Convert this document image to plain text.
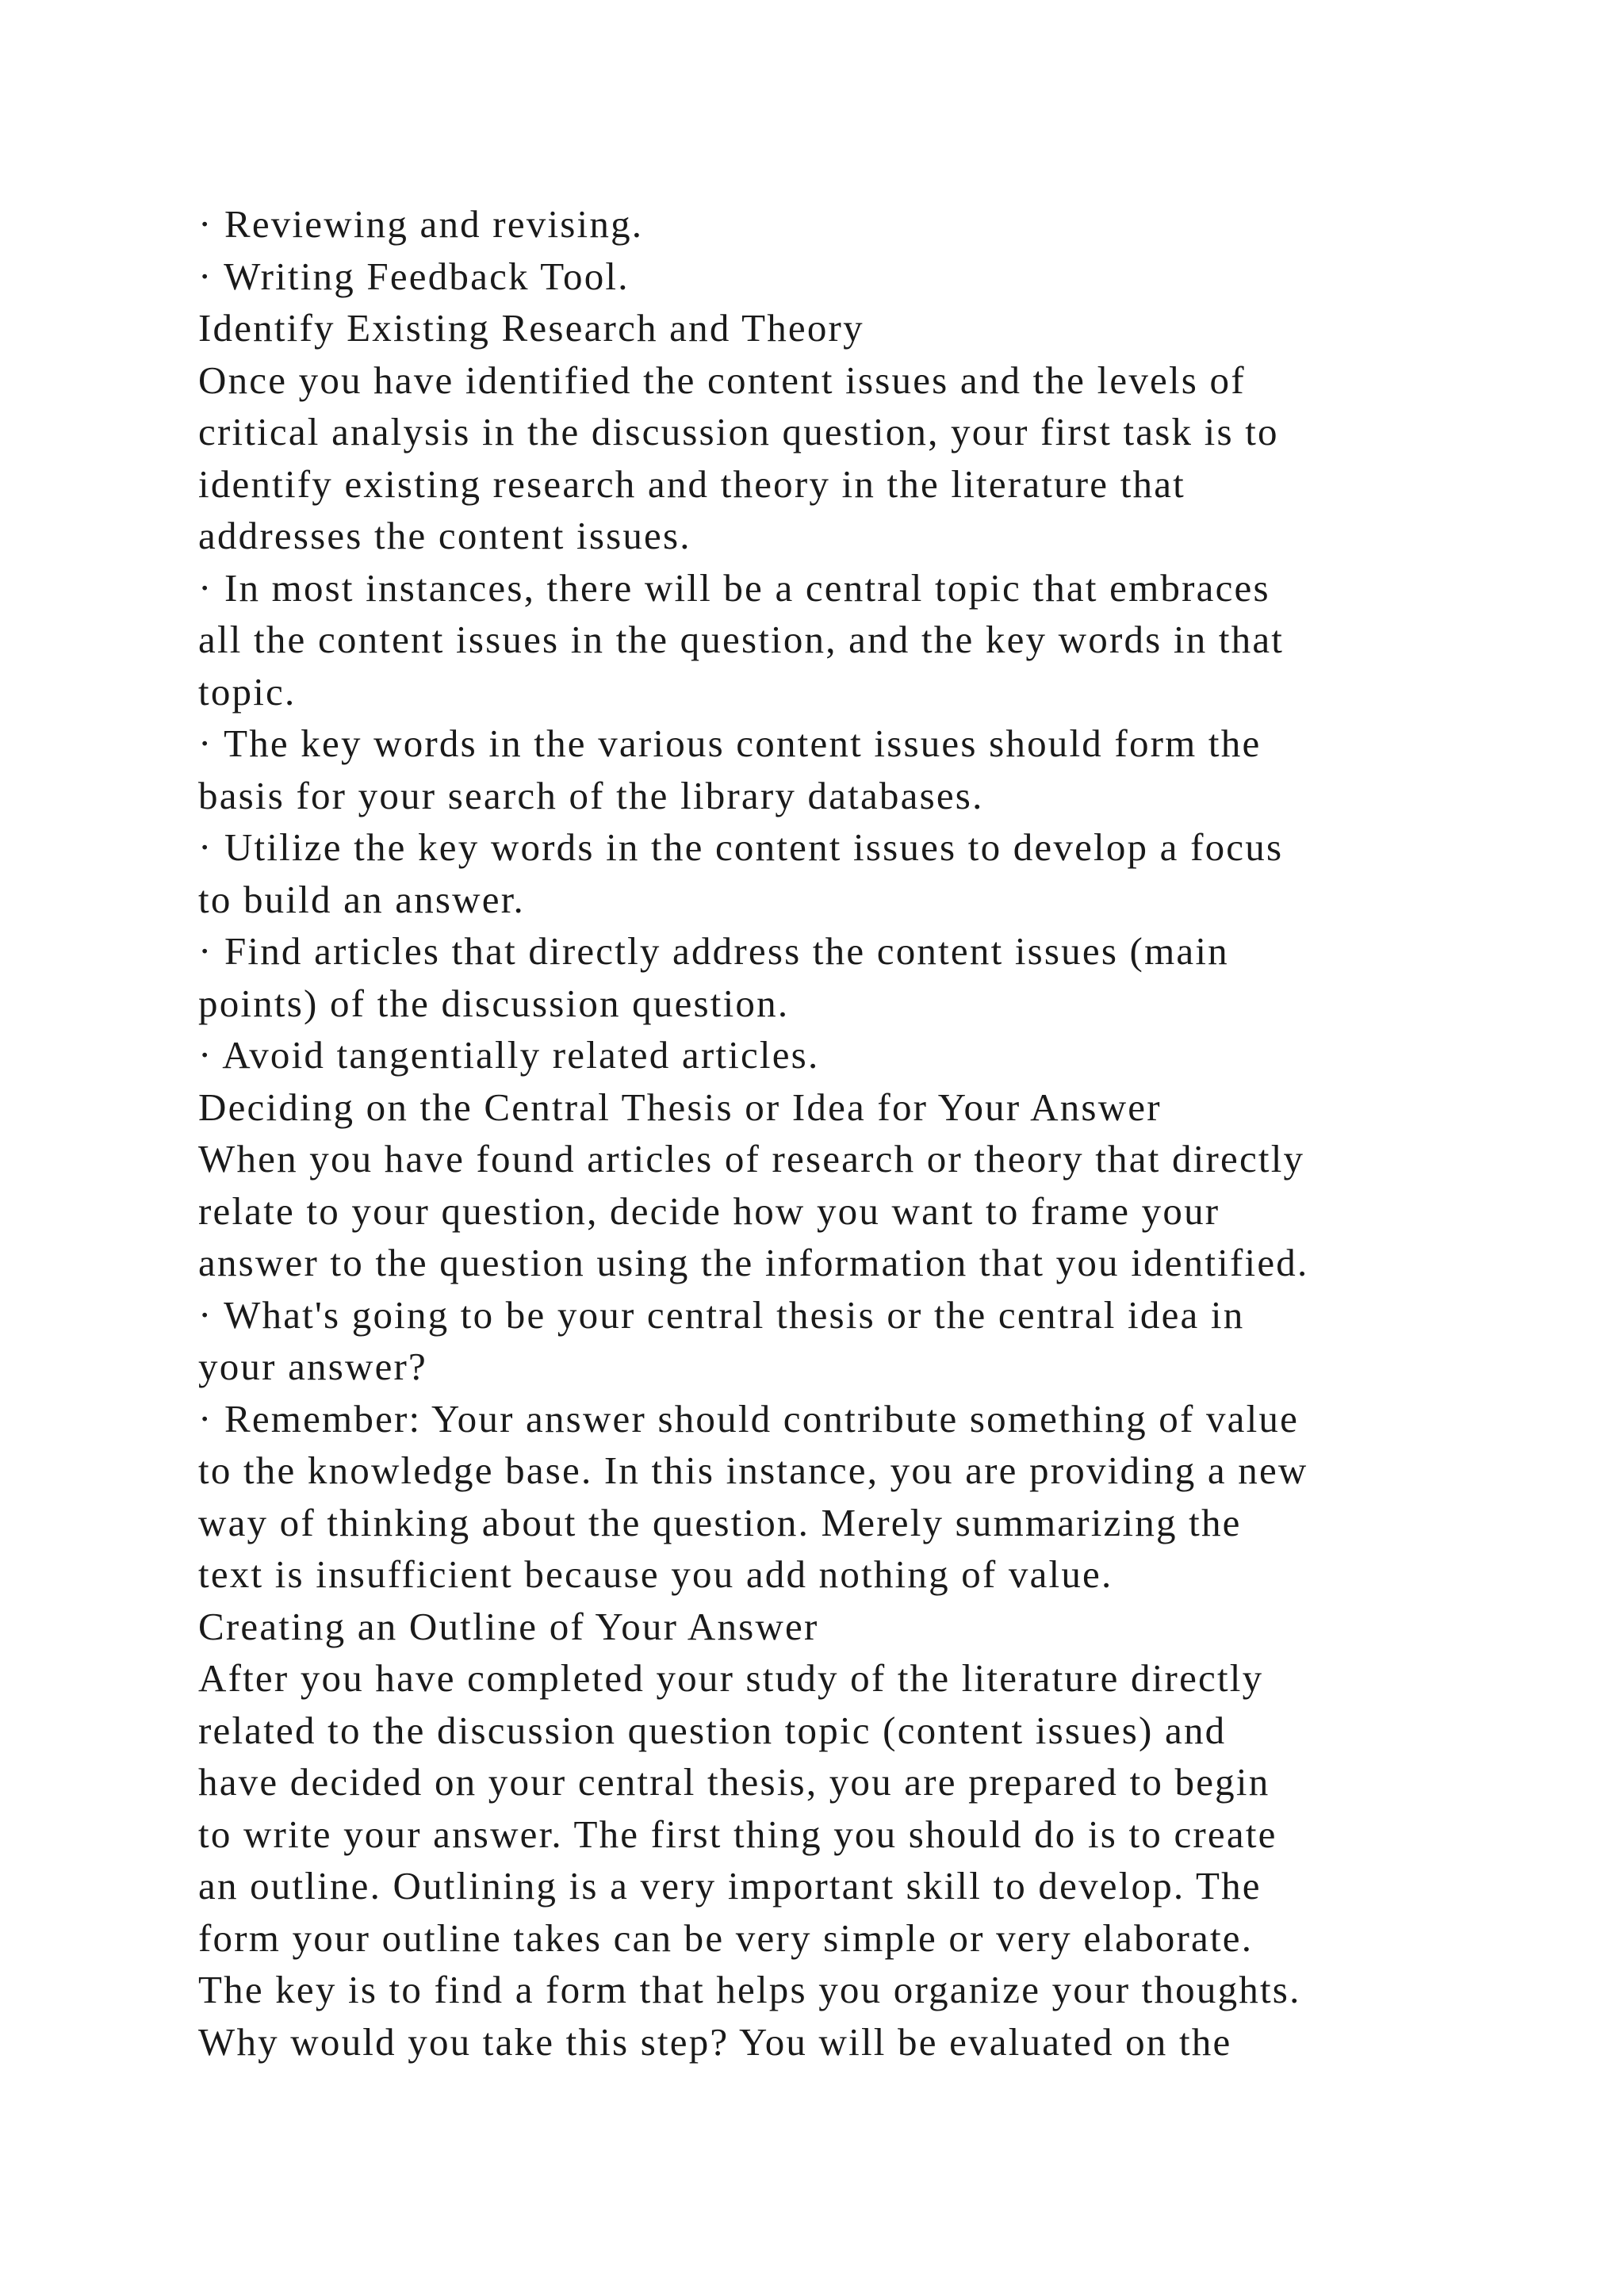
· Reviewing and revising.
· Writing Feedback Tool.
Identify Existing Research and Theory
Once you have identified the content issues and the levels of
critical analysis in the discussion question, your first task is to
identify existing research and theory in the literature that
addresses the content issues.
· In most instances, there will be a central topic that embraces
all the content issues in the question, and the key words in that
topic.
· The key words in the various content issues should form the
basis for your search of the library databases.
· Utilize the key words in the content issues to develop a focus
to build an answer.
· Find articles that directly address the content issues (main
points) of the discussion question.
· Avoid tangentially related articles.
Deciding on the Central Thesis or Idea for Your Answer
When you have found articles of research or theory that directly
relate to your question, decide how you want to frame your
answer to the question using the information that you identified.
· What's going to be your central thesis or the central idea in
your answer?
· Remember: Your answer should contribute something of value
to the knowledge base. In this instance, you are providing a new
way of thinking about the question. Merely summarizing the
text is insufficient because you add nothing of value.
Creating an Outline of Your Answer
After you have completed your study of the literature directly
related to the discussion question topic (content issues) and
have decided on your central thesis, you are prepared to begin
to write your answer. The first thing you should do is to create
an outline. Outlining is a very important skill to develop. The
form your outline takes can be very simple or very elaborate.
The key is to find a form that helps you organize your thoughts.
Why would you take this step? You will be evaluated on the
